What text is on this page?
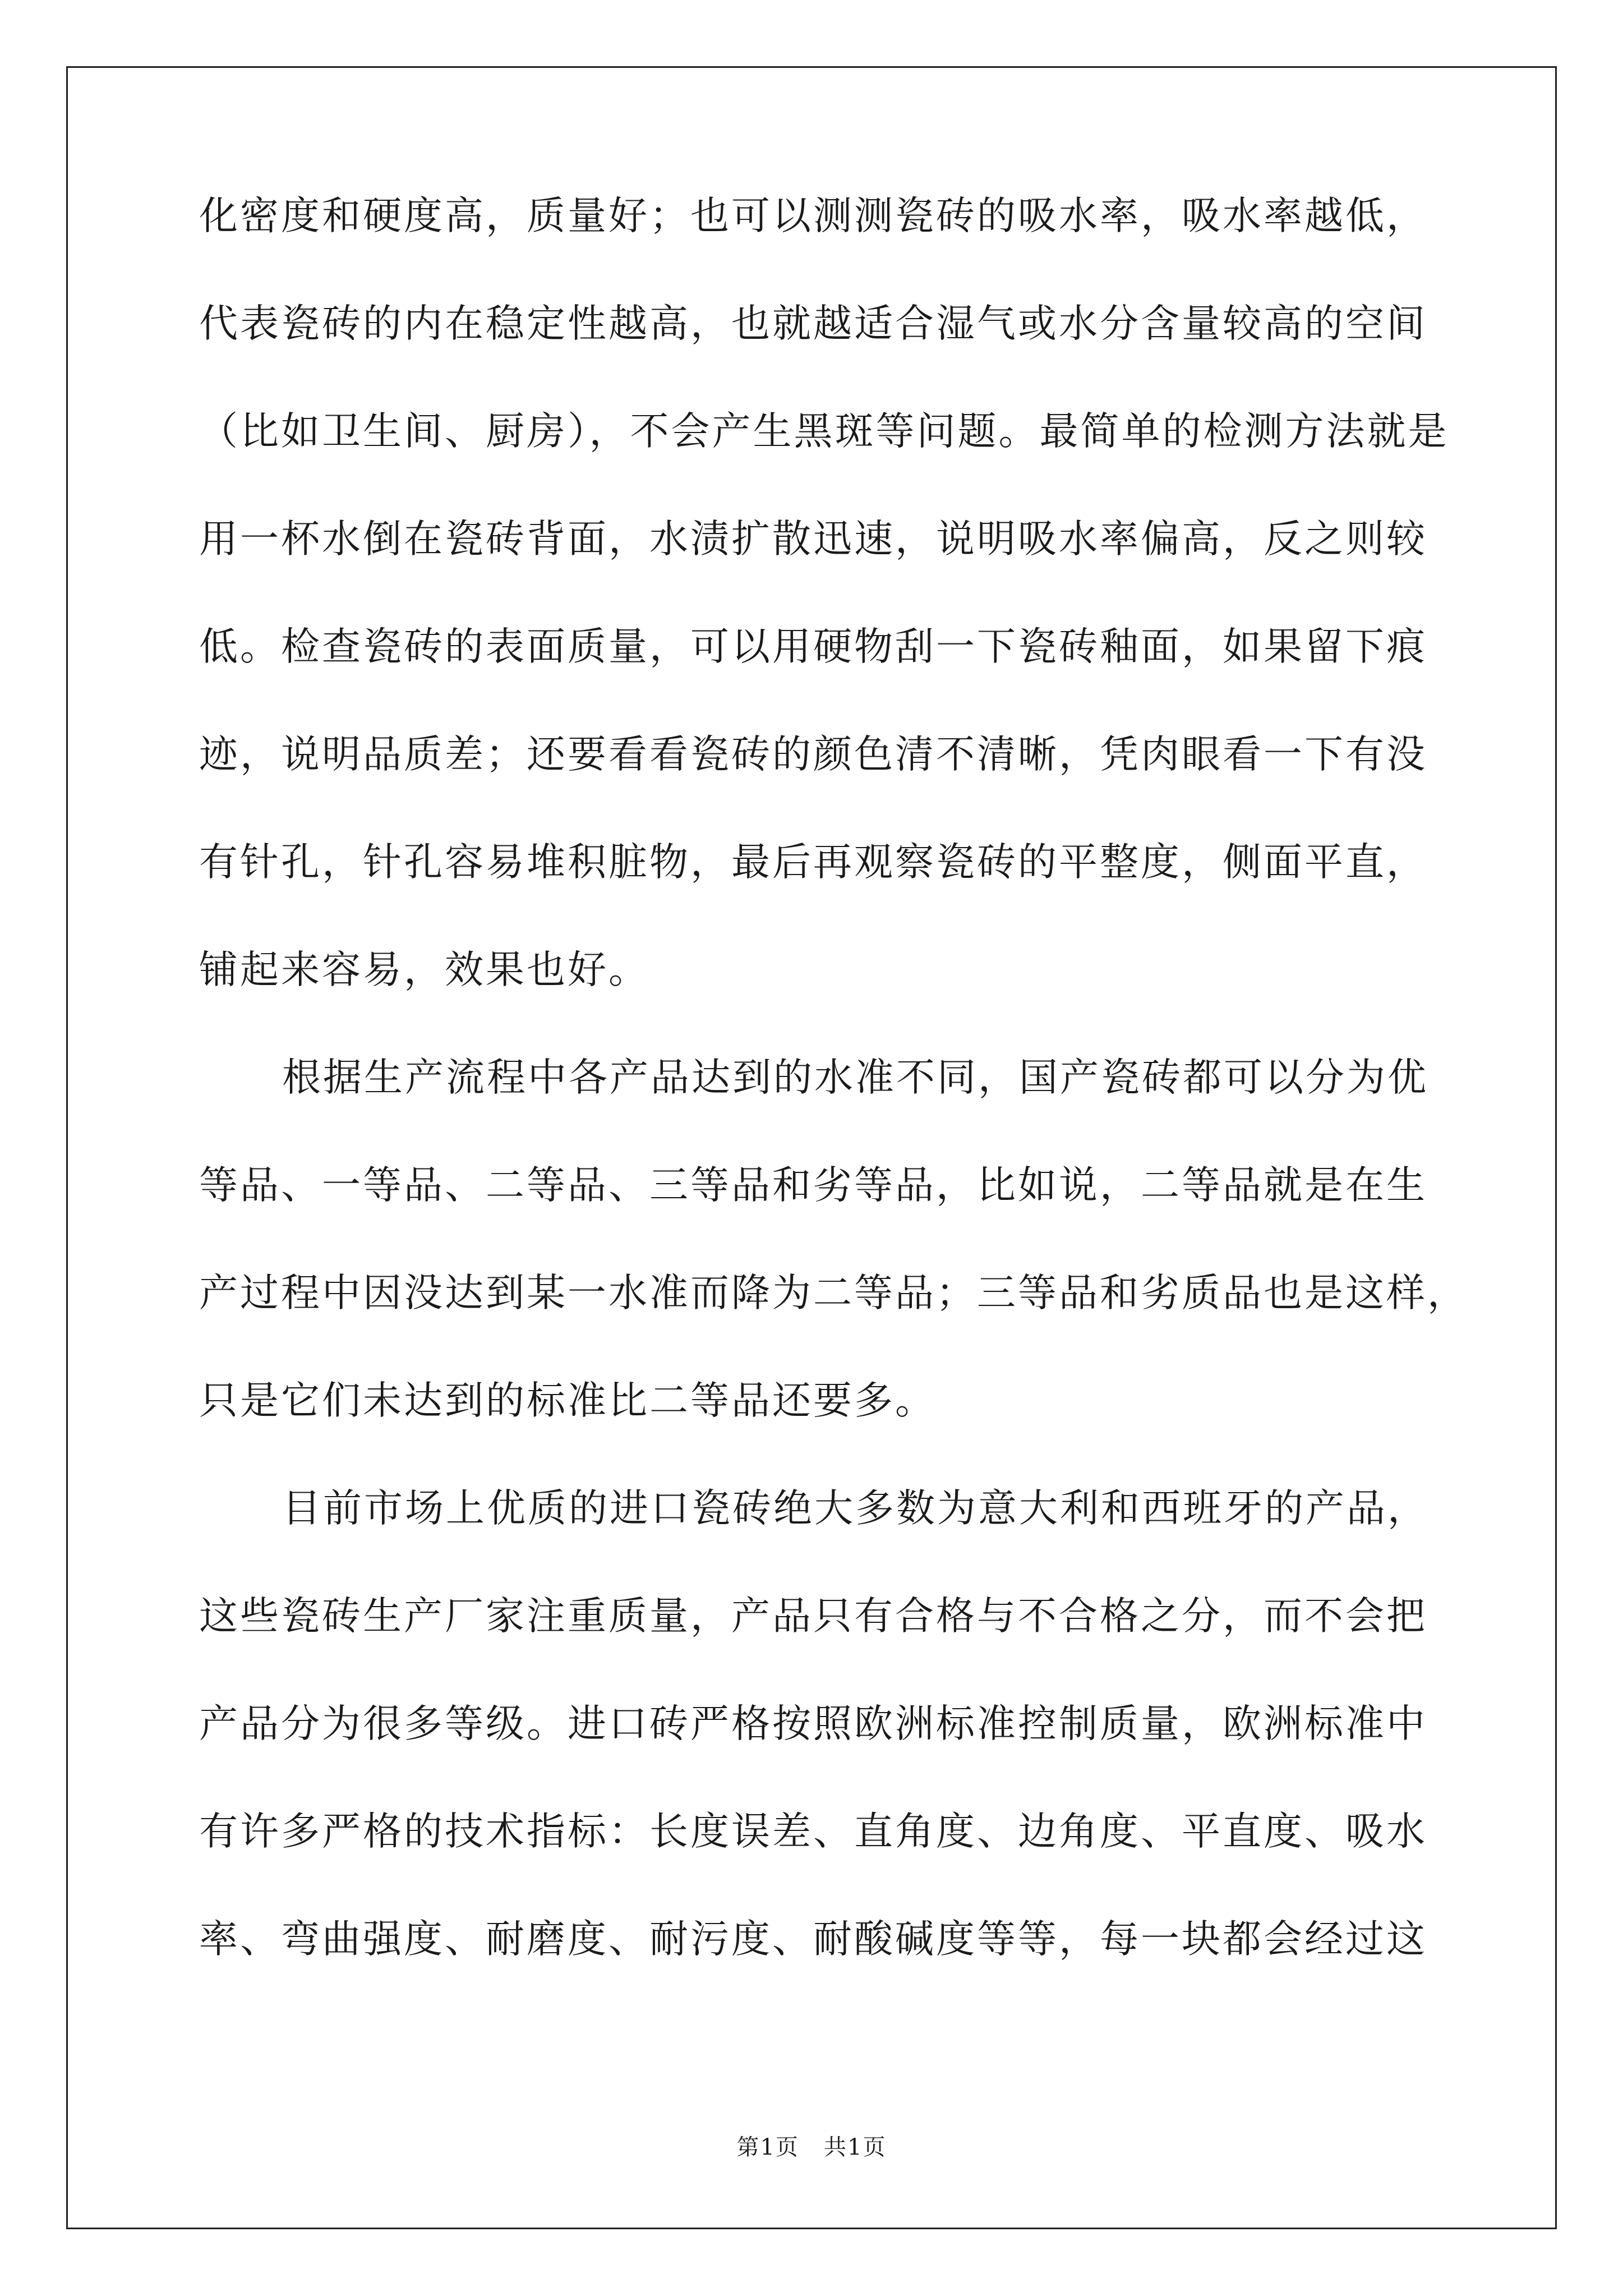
化密度和硬度高，质量好；也可以测测瓷砖的吸水率，吸水率越低，
代表瓷砖的内在稳定性越高，也就越适合湿气或水分含量较高的空间
（比如卫生间、厨房），不会产生黑斑等问题。最简单的检测方法就是
用一杯水倒在瓷砖背面，水渍扩散迅速，说明吸水率偏高，反之则较
低。检查瓷砖的表面质量，可以用硬物刮一下瓷砖釉面，如果留下痕
迹，说明品质差；还要看看瓷砖的颜色清不清晰，凭肉眼看一下有没
有针孔，针孔容易堆积脏物，最后再观察瓷砖的平整度，侧面平直，
铺起来容易，效果也好。
根据生产流程中各产品达到的水准不同，国产瓷砖都可以分为优
等品、一等品、二等品、三等品和劣等品，比如说，二等品就是在生
产过程中因没达到某一水准而降为二等品；三等品和劣质品也是这样，
只是它们未达到的标准比二等品还要多。
目前市场上优质的进口瓷砖绝大多数为意大利和西班牙的产品，
这些瓷砖生产厂家注重质量，产品只有合格与不合格之分，而不会把
产品分为很多等级。进口砖严格按照欧洲标准控制质量，欧洲标准中
有许多严格的技术指标：长度误差、直角度、边角度、平直度、吸水
率、弯曲强度、耐磨度、耐污度、耐酸碱度等等，每一块都会经过这
第1页 共1页
